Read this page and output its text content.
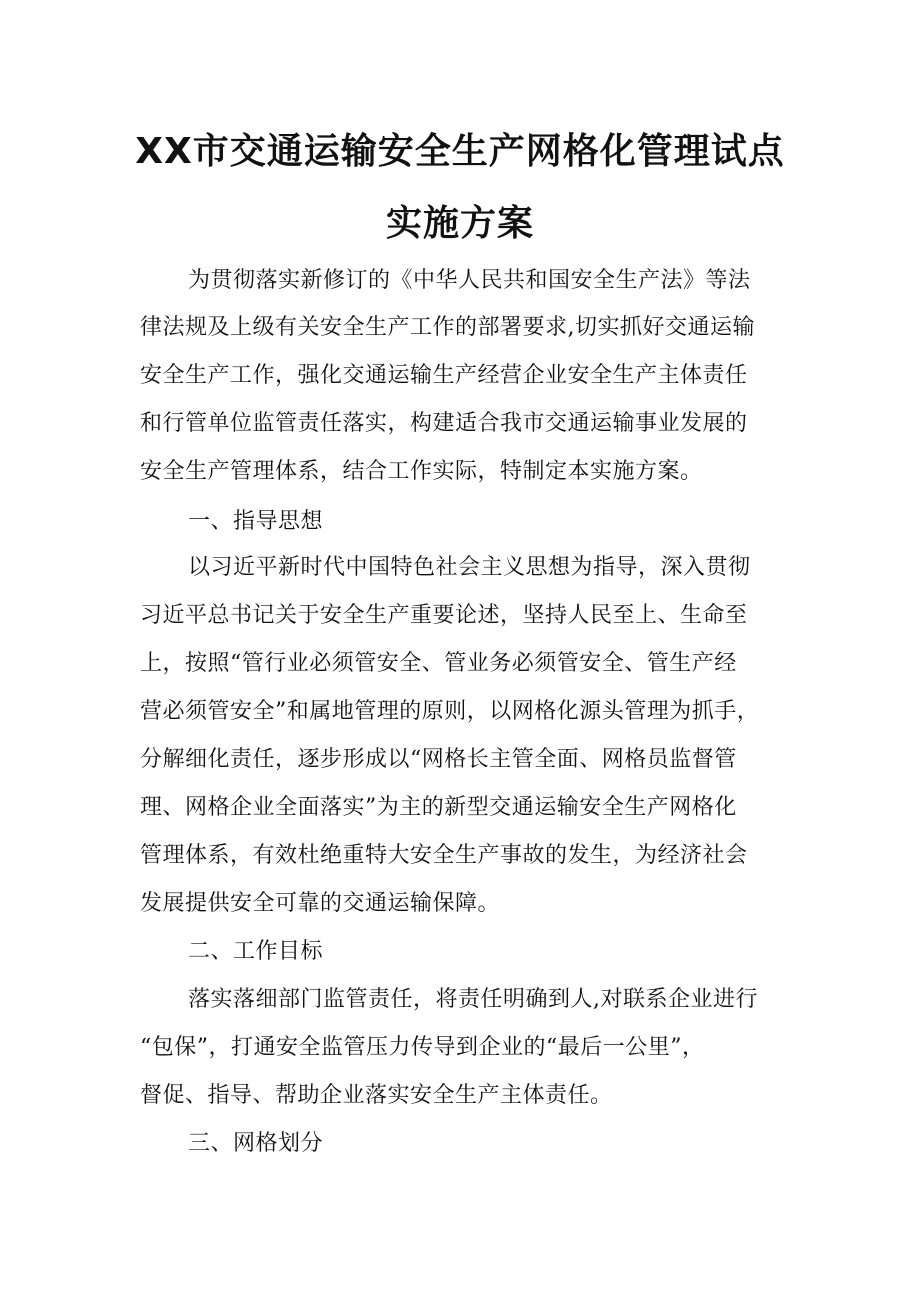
XX市交通运输安全生产网格化管理试点
实施方案
为贯彻落实新修订的《中华人民共和国安全生产法》等法
律法规及上级有关安全生产工作的部署要求,切实抓好交通运输
安全生产工作，强化交通运输生产经营企业安全生产主体责任
和行管单位监管责任落实，构建适合我市交通运输事业发展的
安全生产管理体系，结合工作实际，特制定本实施方案。
一、指导思想
以习近平新时代中国特色社会主义思想为指导，深入贯彻
习近平总书记关于安全生产重要论述，坚持人民至上、生命至
上，按照“管行业必须管安全、管业务必须管安全、管生产经
营必须管安全”和属地管理的原则，以网格化源头管理为抓手，
分解细化责任，逐步形成以“网格长主管全面、网格员监督管
理、网格企业全面落实”为主的新型交通运输安全生产网格化
管理体系，有效杜绝重特大安全生产事故的发生，为经济社会
发展提供安全可靠的交通运输保障。
二、工作目标
落实落细部门监管责任，将责任明确到人,对联系企业进行
“包保”，打通安全监管压力传导到企业的“最后一公里”，
督促、指导、帮助企业落实安全生产主体责任。
三、网格划分
